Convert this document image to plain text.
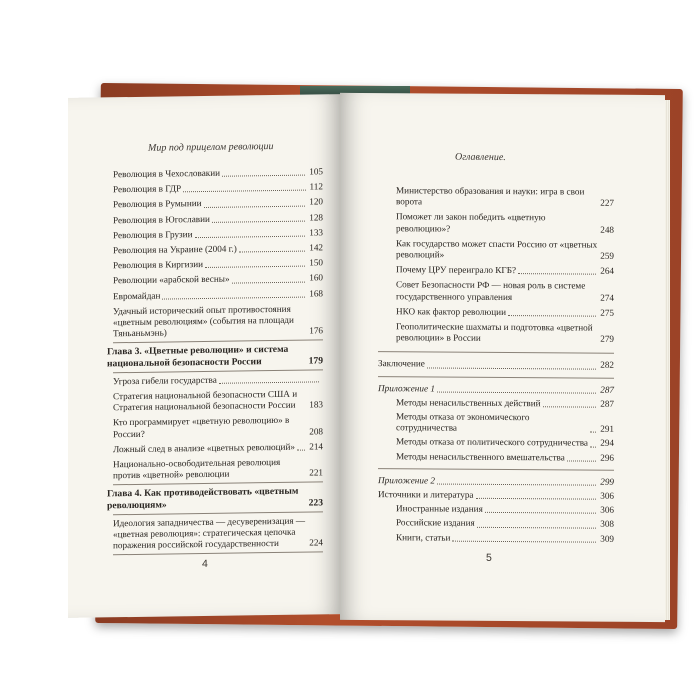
Мир под прицелом революции
Революция в Чехословакии	105
Революция в ГДР	112
Революция в Румынии	120
Революция в Югославии	128
Революция в Грузии	133
Революция на Украине (2004 г.)	142
Революция в Киргизии	150
Революции «арабской весны»	160
Евромайдан	168
Удачный исторический опыт противостояния «цветным революциям» (события на площади Тяньаньмэнь)	176
Глава 3. «Цветные революции» и система национальной безопасности России	179
Угроза гибели государства
Стратегия национальной безопасности США и Стратегия национальной безопасности России	183
Кто программирует «цветную революцию» в России?	208
Ложный след в анализе «цветных революций» 214
Национально-освободительная революция против «цветной» революции	221
Глава 4. Как противодействовать «цветным революциям»	223
Идеология западничества — десуверенизация — «цветная революция»: стратегическая цепочка поражения российской государственности	224
4
Оглавление.
Министерство образования и науки: игра в свои ворота	227
Поможет ли закон победить «цветную революцию»?	248
Как государство может спасти Россию от «цветных революций»	259
Почему ЦРУ переиграло КГБ?	264
Совет Безопасности РФ — новая роль в системе государственного управления	274
НКО как фактор революции	275
Геополитические шахматы и подготовка «цветной революции» в России	279
Заключение	282
Приложение 1	287
Методы ненасильственных действий	287
Методы отказа от экономического сотрудничества	291
Методы отказа от политического сотрудничества 294
Методы ненасильственного вмешательства	296
Приложение 2	299
Источники и литература	306
Иностранные издания	306
Российские издания	308
Книги, статьи	309
5
